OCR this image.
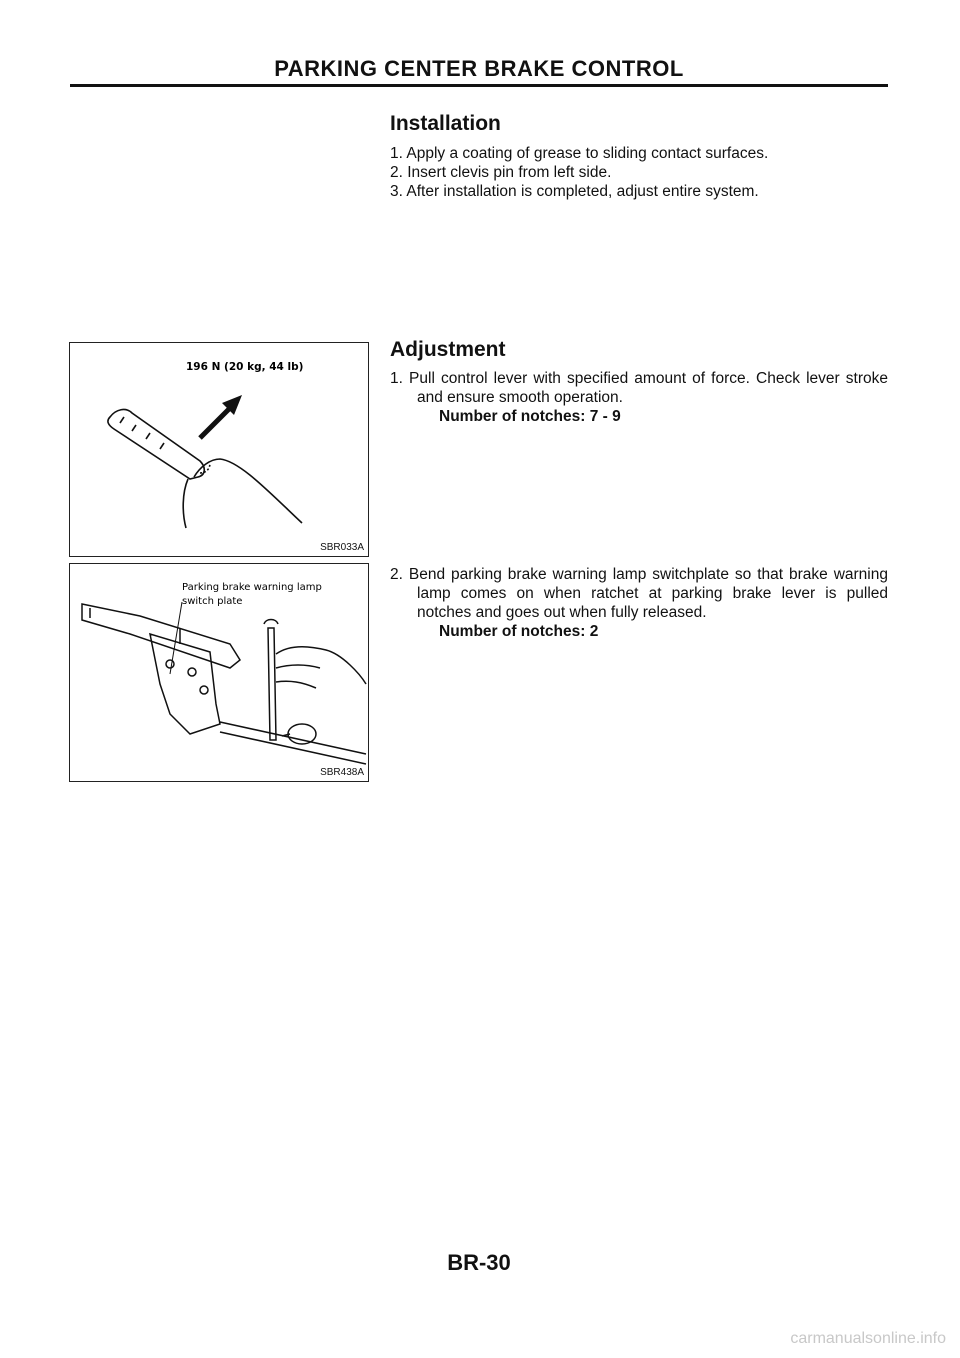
PARKING CENTER BRAKE CONTROL
Installation

1. Apply a coating of grease to sliding contact surfaces.

2. Insert clevis pin from left side.

3. After installation is completed, adjust entire system.

Adjustment

1. Pull control lever with specified amount of force. Check lever stroke and ensure smooth operation.

Number of notches: 7 - 9

2. Bend parking brake warning lamp switchplate so that brake warning lamp comes on when ratchet at parking brake lever is pulled notches and goes out when fully released.

Number of notches: 2

196 N (20 kg, 44 lb)
SBR033A
Parking brake warning lamp
switch plate
SBR438A
BR-30
carmanualsonline.info
